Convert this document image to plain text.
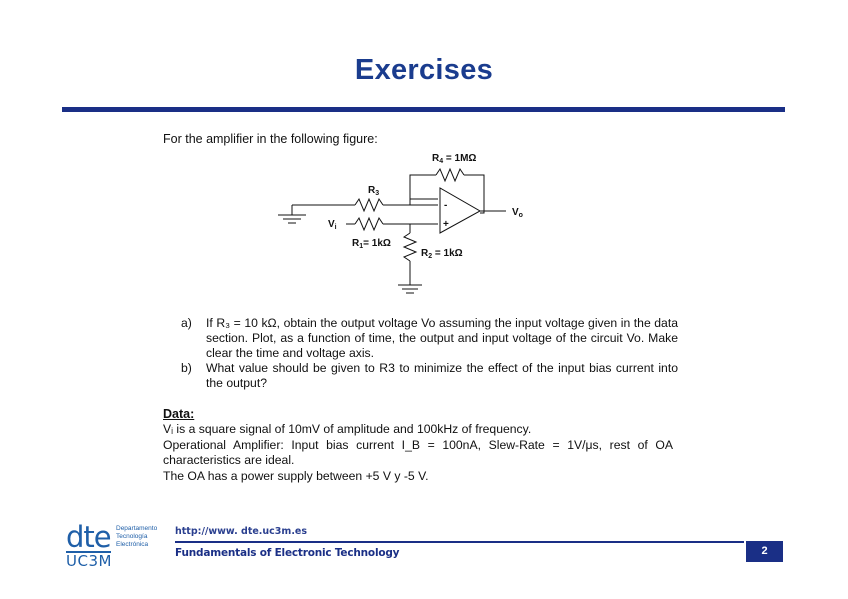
Exercises
For the amplifier in the following figure:
$R_4 = 1M\Omega$
$R_3$
$V_i$
$R_1= 1k\Omega$
$R_2 = 1k\Omega$
$V_o$
-
+
a) If R₃ = 10 kΩ, obtain the output voltage Vo assuming the input voltage given in the data section. Plot, as a function of time, the output and input voltage of the circuit Vo. Make clear the time and voltage axis.
b) What value should be given to R3 to minimize the effect of the input bias current into the output?
Data:

Vᵢ is a square signal of 10mV of amplitude and 100kHz of frequency.

Operational Amplifier: Input bias current I_B = 100nA, Slew-Rate = 1V/μs, rest of OA characteristics are ideal.

The OA has a power supply between +5 V y -5 V.

dte Departamento
Tecnología
Electrónica
UC3M
http://www. dte.uc3m.es
Fundamentals of Electronic Technology	2
